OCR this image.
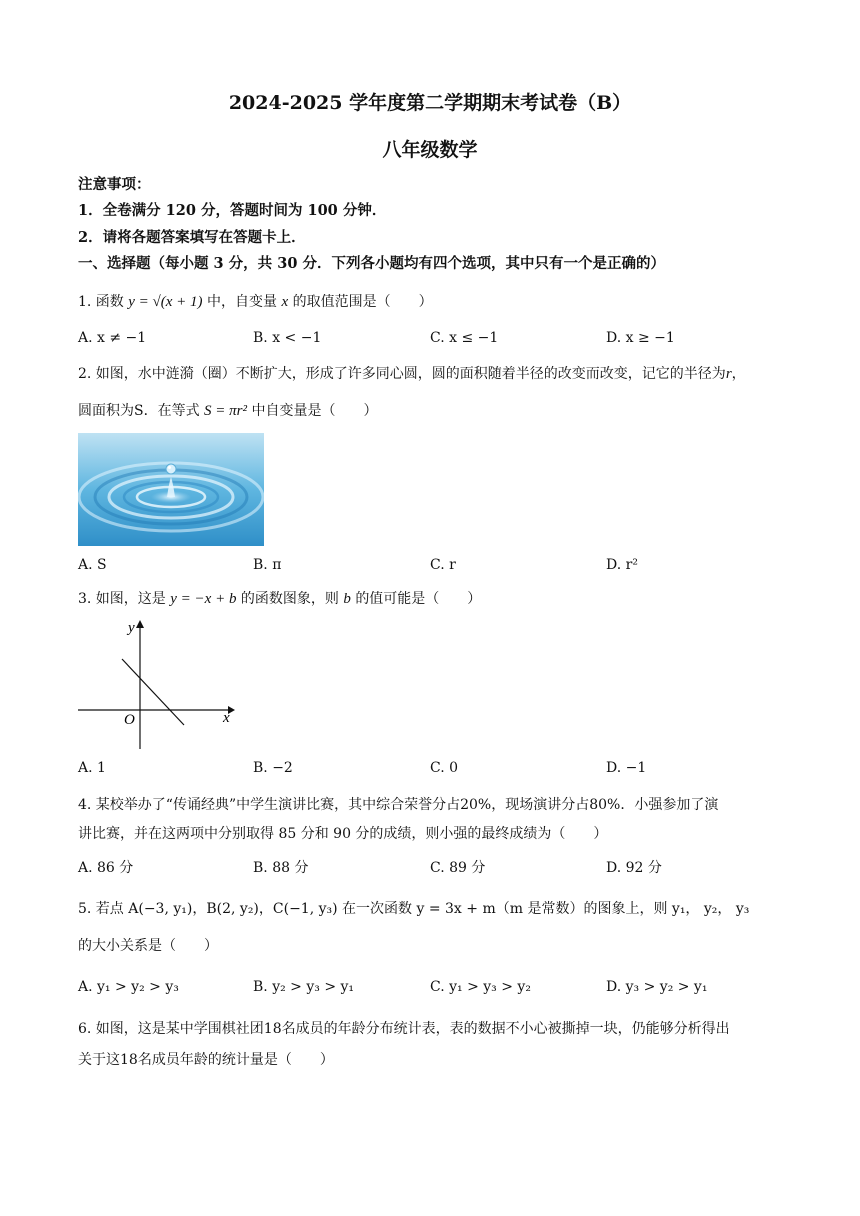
2024-2025 学年度第二学期期末考试卷（B）
八年级数学
注意事项：
1．全卷满分 120 分，答题时间为 100 分钟．
2．请将各题答案填写在答题卡上．
一、选择题（每小题 3 分，共 30 分．下列各小题均有四个选项，其中只有一个是正确的）
1. 函数 y = √(x + 1) 中，自变量 x 的取值范围是（　　）
A. x ≠ −1	B. x < −1	C. x ≤ −1	D. x ≥ −1
2. 如图，水中涟漪（圈）不断扩大，形成了许多同心圆，圆的面积随着半径的改变而改变，记它的半径为r，
圆面积为S．在等式 S = πr² 中自变量是（　　）
A. S	B. π	C. r	D. r²
3. 如图，这是 y = −x + b 的函数图象，则 b 的值可能是（　　）
y
x
O
A. 1	B. −2	C. 0	D. −1
4. 某校举办了“传诵经典”中学生演讲比赛，其中综合荣誉分占20%，现场演讲分占80%．小强参加了演
讲比赛，并在这两项中分别取得 85 分和 90 分的成绩，则小强的最终成绩为（　　）
A. 86 分	B. 88 分	C. 89 分	D. 92 分
5. 若点 A(−3, y₁)，B(2, y₂)，C(−1, y₃) 在一次函数 y = 3x + m（m 是常数）的图象上，则 y₁， y₂， y₃
的大小关系是（　　）
A. y₁ > y₂ > y₃	B. y₂ > y₃ > y₁	C. y₁ > y₃ > y₂	D. y₃ > y₂ > y₁
6. 如图，这是某中学围棋社团18名成员的年龄分布统计表，表的数据不小心被撕掉一块，仍能够分析得出
关于这18名成员年龄的统计量是（　　）
